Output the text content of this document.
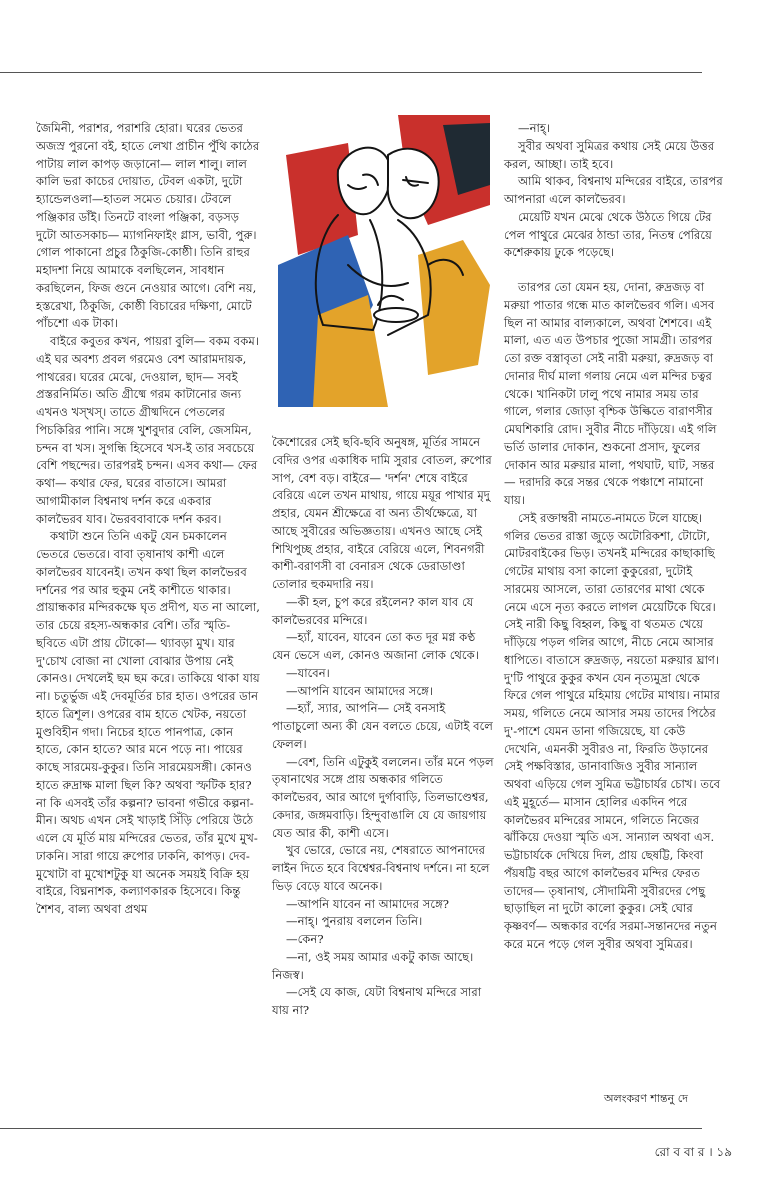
জৈমিনী, পরাশর, পরাশরি হোরা। ঘরের ভেতর অজস্র পুরনো বই, হাতে লেখা প্রাচীন পুঁথি কাঠের পাটায় লাল কাপড় জড়ানো— লাল শালু। লাল কালি ভরা কাচের দোয়াত, টেবল একটা, দুটো হ্যান্ডেলওলা—হাতল সমেত চেয়ার। টেবলে পঞ্জিকার ডাঁই। তিনটে বাংলা পঞ্জিকা, বড়সড় দুটো আতসকাচ— ম্যাগনিফাইং গ্লাস, ভাবী, পুরু। গোল পাকানো প্রচুর ঠিকুজি-কোষ্ঠী। তিনি রাহুর মহাদশা নিয়ে আমাকে বলছিলেন, সাবধান করছিলেন, ফিজ গুনে নেওয়ার আগে। বেশি নয়, হস্তরেখা, ঠিকুজি, কোষ্ঠী বিচারের দক্ষিণা, মোটে পাঁচশো এক টাকা।

বাইরে কবুতর কখন, পায়রা বুলি— বকম বকম। এই ঘর অবশ্য প্রবল গরমেও বেশ আরামদায়ক, পাথরের। ঘরের মেঝে, দেওয়াল, ছাদ— সবই প্রস্তরনির্মিত। অতি গ্রীষ্মে গরম কাটানোর জন্য এখনও খস্‌খস্‌। তাতে গ্রীষ্মদিনে পেতলের পিচকিরির পানি। সঙ্গে খুশবুদার বেলি, জেসমিন, চন্দন বা খস। সুগন্ধি হিসেবে খস-ই তার সবচেয়ে বেশি পছন্দের। তারপরই চন্দন। এসব কথা— ফের কথা— কথার ফের, ঘরের বাতাসে। আমরা আগামীকাল বিশ্বনাথ দর্শন করে একবার কালভৈরব যাব। ভৈরববাবাকে দর্শন করব।

কথাটা শুনে তিনি একটু যেন চমকালেন ভেতরে ভেতরে। বাবা তৃষানাথ কাশী এলে কালভৈরব যাবেনই। তখন কথা ছিল কালভৈরব দর্শনের পর আর হুকুম নেই কাশীতে থাকার। প্রায়ান্ধকার মন্দিরকক্ষে ঘৃত প্রদীপ, যত না আলো, তার চেয়ে রহস্য-অন্ধকার বেশি। তাঁর স্মৃতি-ছবিতে এটা প্রায় টোকো— থ্যাবড়া মুখ। যার দু'চোখ বোজা না খোলা বোঝার উপায় নেই কোনও। দেখলেই ছম ছম করে। তাকিয়ে থাকা যায় না। চতুর্ভুজ এই দেবমূর্তির চার হাত। ওপরের ডান হাতে ত্রিশূল। ওপরের বাম হাতে খেটক, নয়তো মুণ্ডবিহীন গদা। নিচের হাতে পানপাত্র, কোন হাতে, কোন হাতে? আর মনে পড়ে না। পায়ের কাছে সারমেয়-কুকুর। তিনি সারমেয়সঙ্গী। কোনও হাতে রুদ্রাক্ষ মালা ছিল কি? অথবা স্ফটিক হার? না কি এসবই তাঁর কল্পনা? ভাবনা গভীরে কল্পনা-মীন। অথচ এখন সেই খাড়াই সিঁড়ি পেরিয়ে উঠে এলে যে মূর্তি মায় মন্দিরের ভেতর, তাঁর মুখে মুখ-ঢাকনি। সারা গায়ে রুপোর ঢাকনি, কাপড়। দেব-মুখোটা বা মুখোশটুকু যা অনেক সময়ই বিক্রি হয় বাইরে, বিঘ্ননাশক, কল্যাণকারক হিসেবে। কিন্তু শৈশব, বাল্য অথবা প্রথম

কৈশোরের সেই ছবি-ছবি অনুষঙ্গ, মূর্তির সামনে বেদির ওপর একাধিক দামি সুরার বোতল, রুপোর সাপ, বেশ বড়। বাইরে— 'দর্শন' শেষে বাইরে বেরিয়ে এলে তখন মাথায়, গায়ে ময়ূর পাখার মৃদু প্রহার, যেমন শ্রীক্ষেত্রে বা অন্য তীর্থক্ষেত্রে, যা আছে সুবীরের অভিজ্ঞতায়। এখনও আছে সেই শিখিপুচ্ছ প্রহার, বাইরে বেরিয়ে এলে, শিবনগরী কাশী-বরাণসী বা বেনারস থেকে ডেরাডাণ্ডা তোলার হুকমদারি নয়।

—কী হল, চুপ করে রইলেন? কাল যাব যে কালভৈরবের মন্দিরে।

—হ্যাঁ, যাবেন, যাবেন তো কত দূর মগ্ন কণ্ঠ যেন ভেসে এল, কোনও অজানা লোক থেকে।

—যাবেন।

—আপনি যাবেন আমাদের সঙ্গে।

—হ্যাঁ, স্যার, আপনি— সেই বনসাই পাতাচুলো অন্য কী যেন বলতে চেয়ে, এটাই বলে ফেলল।

—বেশ, তিনি এটুকুই বললেন। তাঁর মনে পড়ল তৃষানাথের সঙ্গে প্রায় অন্ধকার গলিতে কালভৈরব, আর আগে দুর্গাবাড়ি, তিলভাণ্ডেশ্বর, কেদার, জঙ্গমবাড়ি। হিন্দুবাঙালি যে যে জায়গায় যেত আর কী, কাশী এসে।

খুব ভোরে, ভোরে নয়, শেষরাতে আপনাদের লাইন দিতে হবে বিশ্বেশ্বর-বিশ্বনাথ দর্শনে। না হলে ভিড় বেড়ে যাবে অনেক।

—আপনি যাবেন না আমাদের সঙ্গে?

—নাহ্‌। পুনরায় বললেন তিনি।

—কেন?

—না, ওই সময় আমার একটু কাজ আছে। নিজস্ব।

—সেই যে কাজ, যেটা বিশ্বনাথ মন্দিরে সারা যায় না?

—নাহ্‌।

সুবীর অথবা সুমিত্রর কথায় সেই মেয়ে উত্তর করল, আচ্ছা। তাই হবে।

আমি থাকব, বিশ্বনাথ মন্দিরের বাইরে, তারপর আপনারা এলে কালভৈরব।

মেয়েটি যখন মেঝে থেকে উঠতে গিয়ে টের পেল পাথুরে মেঝের ঠান্ডা তার, নিতম্ব পেরিয়ে কশেরুকায় ঢুকে পড়েছে।

তারপর তো যেমন হয়, দোনা, রুদ্রজড় বা মরুয়া পাতার গন্ধে মাত কালভৈরব গলি। এসব ছিল না আমার বাল্যকালে, অথবা শৈশবে। এই মালা, এত এত উপচার পুজো সামগ্রী। তারপর তো রক্ত বস্ত্রাবৃতা সেই নারী মরুয়া, রুদ্রজড় বা দোনার দীর্ঘ মালা গলায় নেমে এল মন্দির চত্বর থেকে। খানিকটা ঢালু পথে নামার সময় তার গালে, গলার জোড়া বৃশ্চিক উল্কিতে বারাণসীর মেঘশিকারি রোদ। সুবীর নীচে দাঁড়িয়ে। এই গলি ভর্তি ডালার দোকান, শুকনো প্রসাদ, ফুলের দোকান আর মরুয়ার মালা, পথঘাট, ঘাট, সন্তর— দরাদরি করে সন্তর থেকে পঞ্চাশে নামানো যায়।

সেই রক্তাম্বরী নামতে-নামতে টলে যাচ্ছে। গলির ভেতর রাস্তা জুড়ে অটোরিকশা, টোটো, মোটরবাইকের ভিড়। তখনই মন্দিরের কাছাকাছি গেটের মাথায় বসা কালো কুকুরেরা, দুটোই সারমেয় আসলে, তারা তোরণের মাথা থেকে নেমে এসে নৃত্য করতে লাগল মেয়েটিকে ঘিরে। সেই নারী কিছু বিহ্বল, কিছু বা থতমত খেয়ে দাঁড়িয়ে পড়ল গলির আগে, নীচে নেমে আসার ধাপিতে। বাতাসে রুদ্রজড়, নয়তো মরুয়ার ঘ্রাণ। দু'টি পাথুরে কুকুর কখন যেন নৃত্যমুদ্রা থেকে ফিরে গেল পাথুরে মহিমায় গেটের মাথায়। নামার সময়, গলিতে নেমে আসার সময় তাদের পিঠের দু'-পাশে যেমন ডানা গজিয়েছে, যা কেউ দেখেনি, এমনকী সুবীরও না, ফিরতি উড়ানের সেই পক্ষবিস্তার, ডানাবাজিও সুবীর সান্যাল অথবা এড়িয়ে গেল সুমিত্র ভট্টাচার্যর চোখ। তবে এই মুহূর্তে— মাসান হোলির একদিন পরে কালভৈরব মন্দিরের সামনে, গলিতে নিজের ঝাঁকিয়ে দেওয়া স্মৃতি এস. সান্যাল অথবা এস. ভট্টাচার্যকে দেখিয়ে দিল, প্রায় ছেষট্টি, কিংবা পঁয়ষট্টি বছর আগে কালভৈরব মন্দির ফেরত তাদের— তৃষানাথ, সৌদামিনী সুবীরদের পেছু ছাড়াছিল না দুটো কালো কুকুর। সেই ঘোর কৃষ্ণবর্ণ— অন্ধকার বর্ণের সরমা-সন্তানদের নতুন করে মনে পড়ে গেল সুবীর অথবা সুমিত্রর।

অলংকরণ শান্তনু দে
রো ব বা র । ১৯
